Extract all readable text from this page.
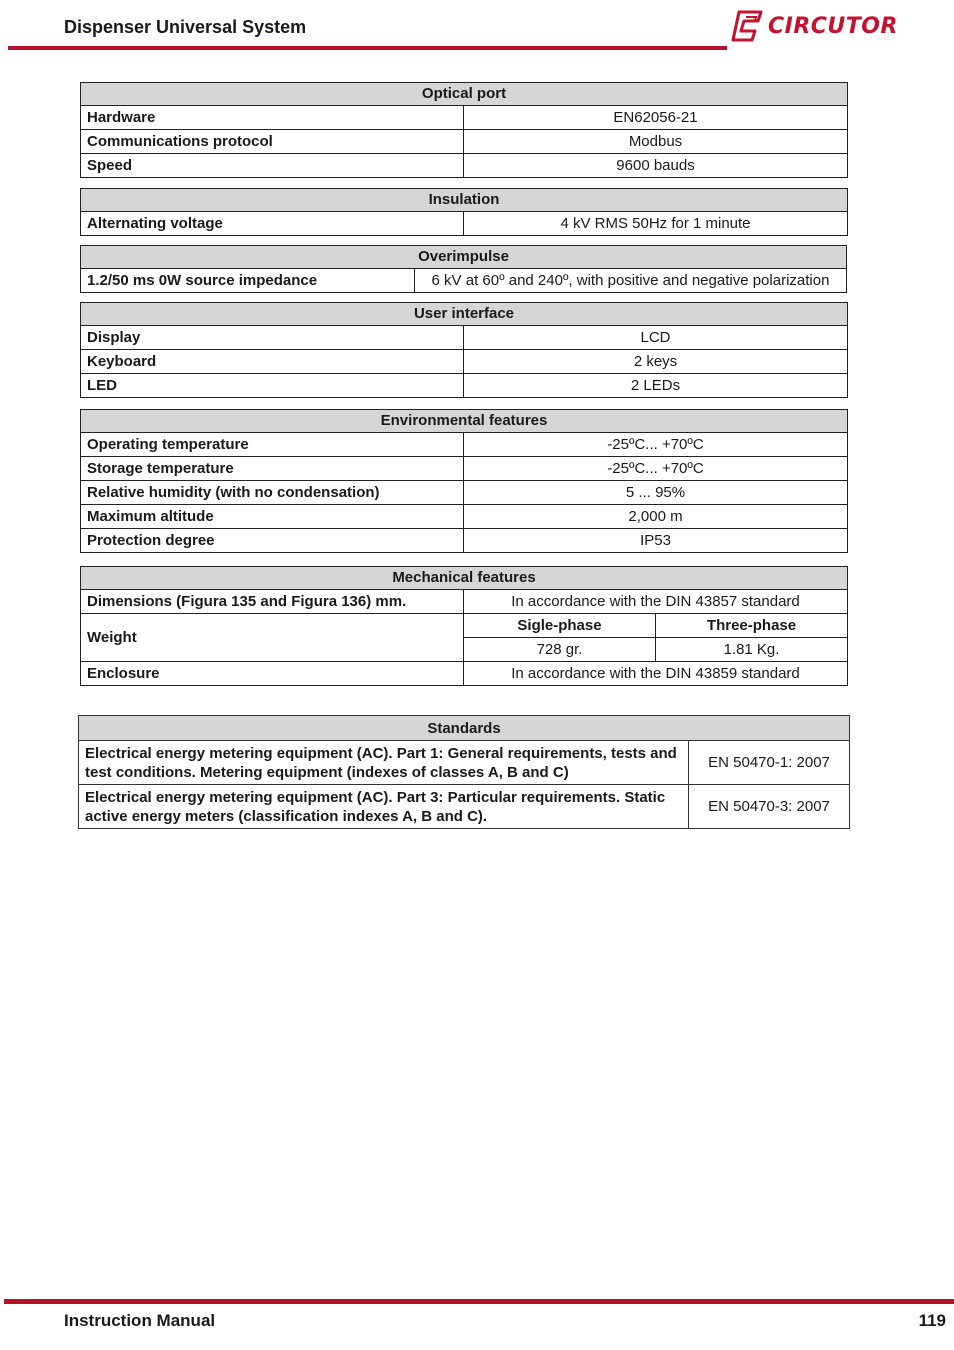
Dispenser Universal System	CIRCUTOR
Optical port	
Hardware	EN62056-21
Communications protocol	Modbus
Speed	9600 bauds
Insulation
Alternating voltage	4 kV RMS 50Hz for 1 minute
Overimpulse
1.2/50 ms 0W source impedance	6 kV at 60º and 240º, with positive and negative polarization
User interface	
Display	LCD
Keyboard	2 keys
LED	2 LEDs
Environmental features	
Operating temperature	-25ºC... +70ºC
Storage temperature	-25ºC... +70ºC
Relative humidity (with no condensation)	5 ... 95%
Maximum altitude	2,000 m
Protection degree	IP53
Mechanical features		
Dimensions (Figura 135 and Figura 136) mm.	In accordance with the DIN 43857 standard	
Weight	Sigle-phase	Three-phase
	728 gr.	1.81 Kg.
Enclosure	In accordance with the DIN 43859 standard	
Standards	
Electrical energy metering equipment (AC). Part 1: General requirements, tests and test conditions. Metering equipment (indexes of classes A, B and C)	EN 50470-1: 2007
Electrical energy metering equipment (AC). Part 3: Particular requirements. Static active energy meters (classification indexes A, B and C).	EN 50470-3: 2007
Instruction Manual	119
